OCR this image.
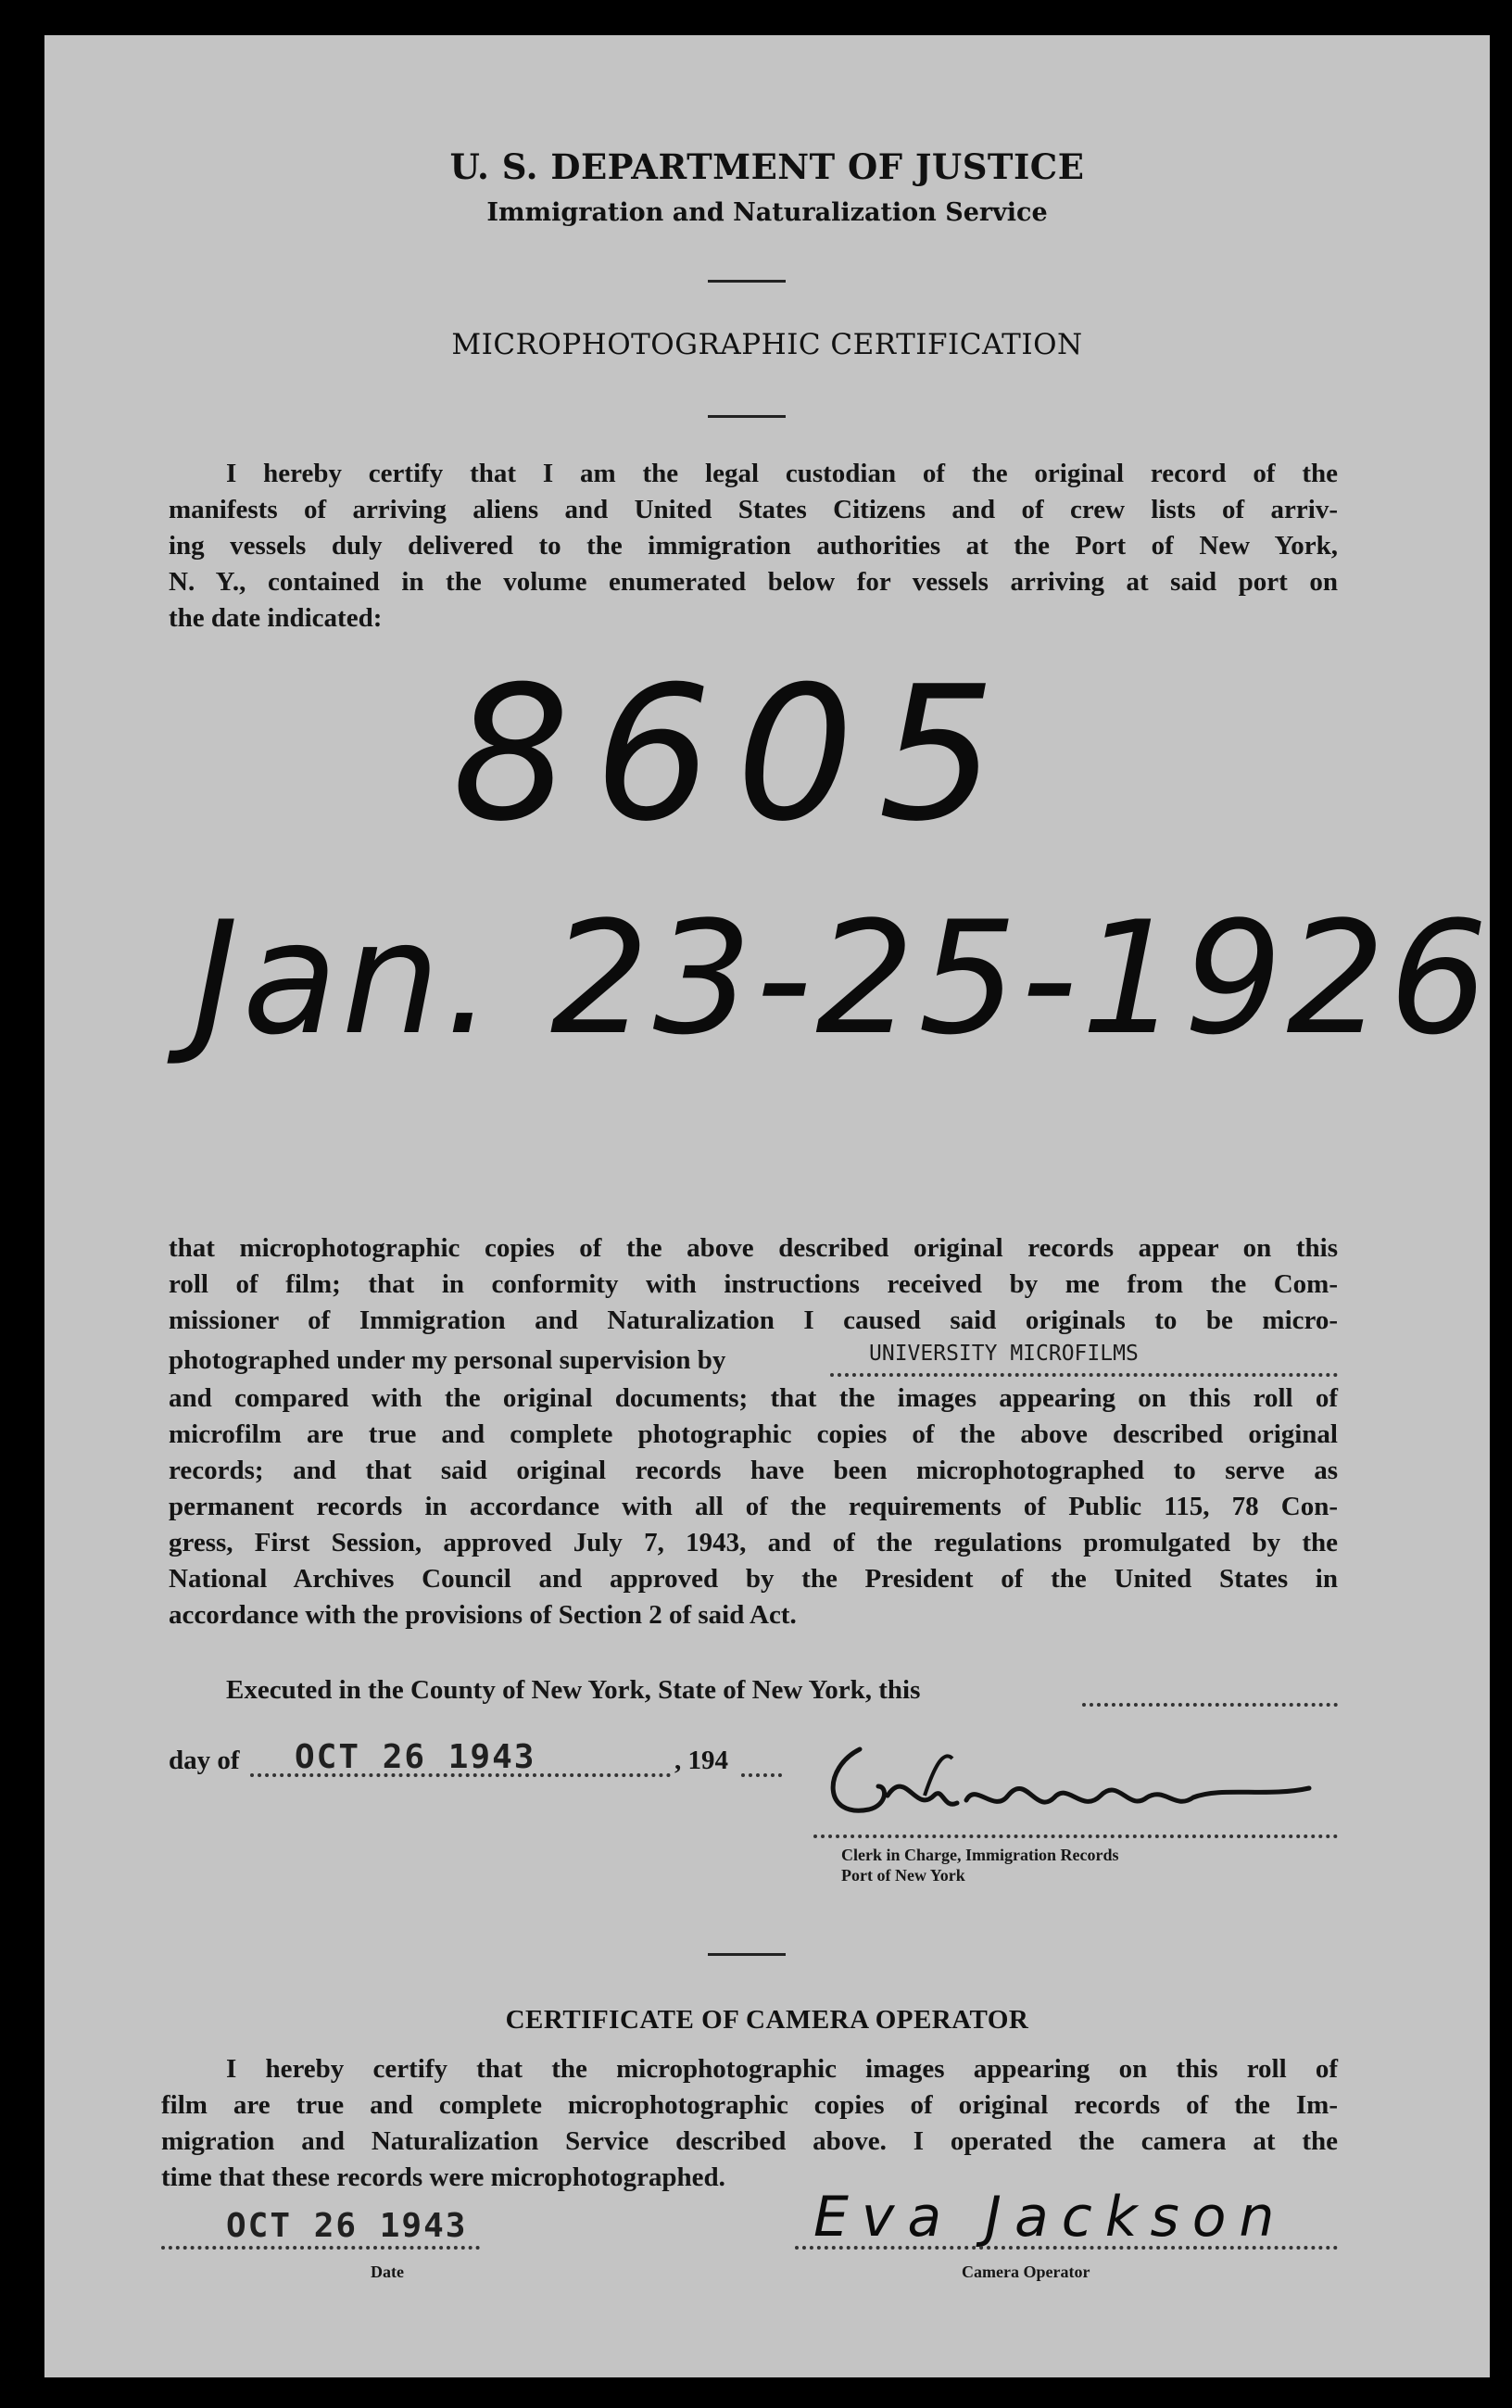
U. S. DEPARTMENT OF JUSTICE
Immigration and Naturalization Service
MICROPHOTOGRAPHIC CERTIFICATION
I hereby certify that I am the legal custodian of the original record of the
manifests of arriving aliens and United States Citizens and of crew lists of arriv-
ing vessels duly delivered to the immigration authorities at the Port of New York,
N. Y., contained in the volume enumerated below for vessels arriving at said port on
the date indicated:
8605
Jan. 23-25-1926
that microphotographic copies of the above described original records appear on this
roll of film; that in conformity with instructions received by me from the Com-
missioner of Immigration and Naturalization I caused said originals to be micro-
photographed under my personal supervision by	UNIVERSITY MICROFILMS
and compared with the original documents; that the images appearing on this roll of
microfilm are true and complete photographic copies of the above described original
records; and that said original records have been microphotographed to serve as
permanent records in accordance with all of the requirements of Public 115, 78 Con-
gress, First Session, approved July 7, 1943, and of the regulations promulgated by the
National Archives Council and approved by the President of the United States in
accordance with the provisions of Section 2 of said Act.
Executed in the County of New York, State of New York, this
day of OCT 26 1943	, 194
Clerk in Charge, Immigration Records
Port of New York
CERTIFICATE OF CAMERA OPERATOR
I hereby certify that the microphotographic images appearing on this roll of
film are true and complete microphotographic copies of original records of the Im-
migration and Naturalization Service described above. I operated the camera at the
time that these records were microphotographed.
OCT 26 1943
Date
Eva Jackson
Camera Operator
